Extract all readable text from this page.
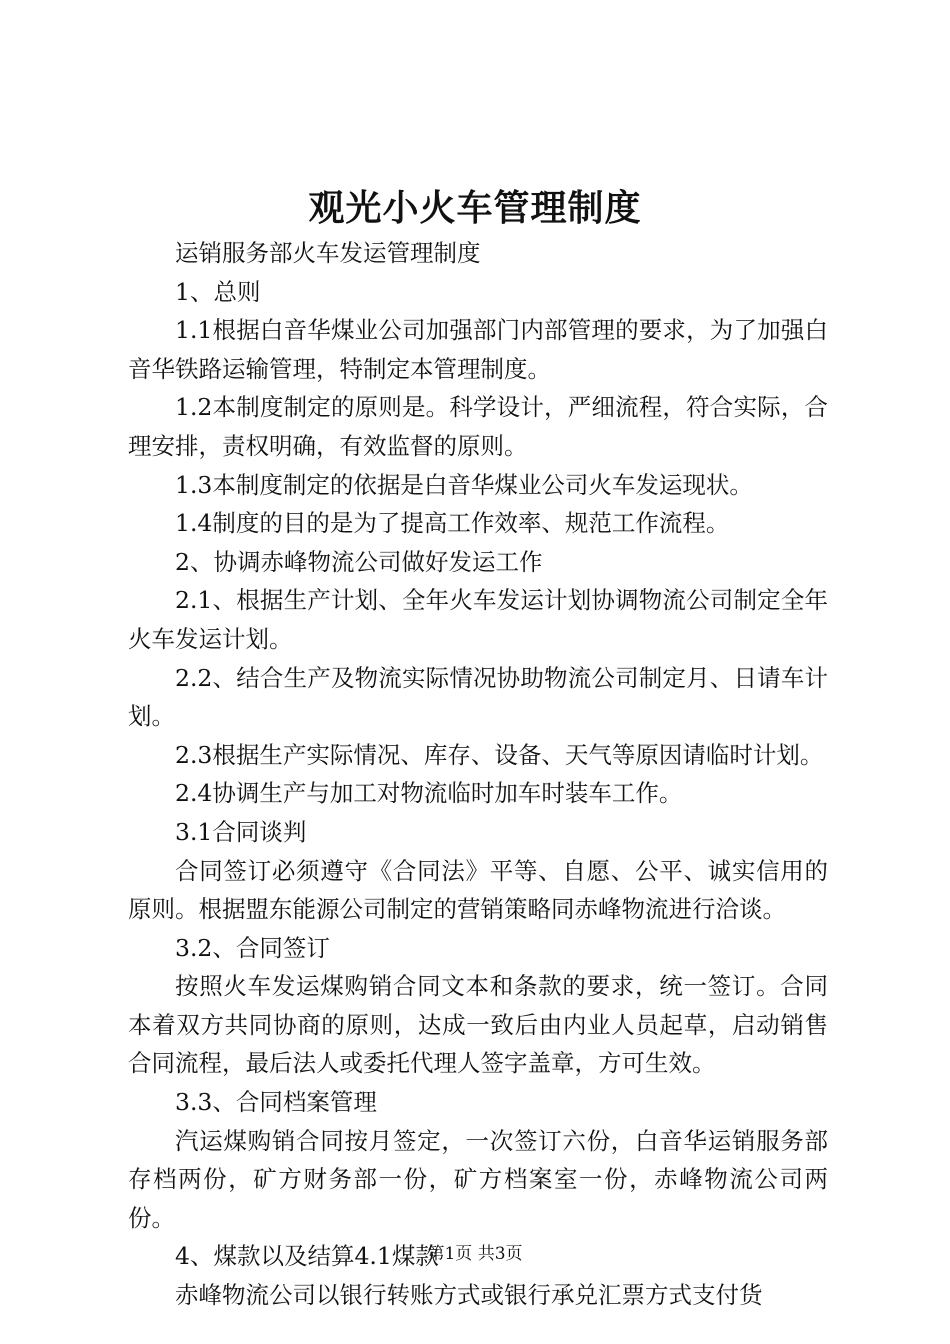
观光小火车管理制度

运销服务部火车发运管理制度

1、总则

1.1根据白音华煤业公司加强部门内部管理的要求，为了加强白音华铁路运输管理，特制定本管理制度。

1.2本制度制定的原则是。科学设计，严细流程，符合实际，合理安排，责权明确，有效监督的原则。

1.3本制度制定的依据是白音华煤业公司火车发运现状。

1.4制度的目的是为了提高工作效率、规范工作流程。

2、协调赤峰物流公司做好发运工作

2.1、根据生产计划、全年火车发运计划协调物流公司制定全年火车发运计划。

2.2、结合生产及物流实际情况协助物流公司制定月、日请车计划。

2.3根据生产实际情况、库存、设备、天气等原因请临时计划。

2.4协调生产与加工对物流临时加车时装车工作。

3.1合同谈判

合同签订必须遵守《合同法》平等、自愿、公平、诚实信用的原则。根据盟东能源公司制定的营销策略同赤峰物流进行洽谈。

3.2、合同签订

按照火车发运煤购销合同文本和条款的要求，统一签订。合同本着双方共同协商的原则，达成一致后由内业人员起草，启动销售合同流程，最后法人或委托代理人签字盖章，方可生效。

3.3、合同档案管理

汽运煤购销合同按月签定，一次签订六份，白音华运销服务部存档两份，矿方财务部一份，矿方档案室一份，赤峰物流公司两份。

4、煤款以及结算4.1煤款

赤峰物流公司以银行转账方式或银行承兑汇票方式支付货

第1页 共3页
